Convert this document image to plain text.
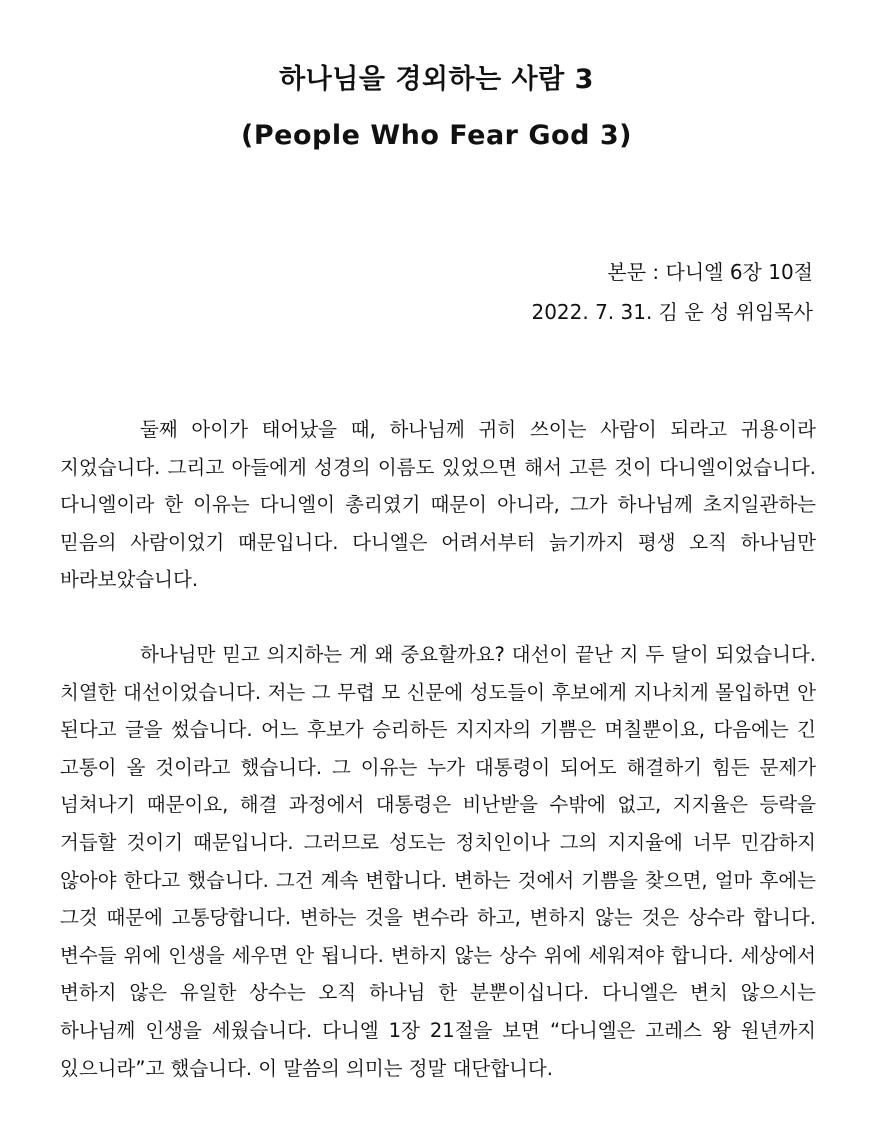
하나님을 경외하는 사람 3
(People Who Fear God 3)
본문 : 다니엘 6장 10절
2022. 7. 31. 김 운 성 위임목사

둘째 아이가 태어났을 때, 하나님께 귀히 쓰이는 사람이 되라고 귀용이라 지었습니다. 그리고 아들에게 성경의 이름도 있었으면 해서 고른 것이 다니엘이었습니다. 다니엘이라 한 이유는 다니엘이 총리였기 때문이 아니라, 그가 하나님께 초지일관하는 믿음의 사람이었기 때문입니다. 다니엘은 어려서부터 늙기까지 평생 오직 하나님만 바라보았습니다.

하나님만 믿고 의지하는 게 왜 중요할까요? 대선이 끝난 지 두 달이 되었습니다. 치열한 대선이었습니다. 저는 그 무렵 모 신문에 성도들이 후보에게 지나치게 몰입하면 안 된다고 글을 썼습니다. 어느 후보가 승리하든 지지자의 기쁨은 며칠뿐이요, 다음에는 긴 고통이 올 것이라고 했습니다. 그 이유는 누가 대통령이 되어도 해결하기 힘든 문제가 넘쳐나기 때문이요, 해결 과정에서 대통령은 비난받을 수밖에 없고, 지지율은 등락을 거듭할 것이기 때문입니다. 그러므로 성도는 정치인이나 그의 지지율에 너무 민감하지 않아야 한다고 했습니다. 그건 계속 변합니다. 변하는 것에서 기쁨을 찾으면, 얼마 후에는 그것 때문에 고통당합니다. 변하는 것을 변수라 하고, 변하지 않는 것은 상수라 합니다. 변수들 위에 인생을 세우면 안 됩니다. 변하지 않는 상수 위에 세워져야 합니다. 세상에서 변하지 않은 유일한 상수는 오직 하나님 한 분뿐이십니다. 다니엘은 변치 않으시는 하나님께 인생을 세웠습니다. 다니엘 1장 21절을 보면 “다니엘은 고레스 왕 원년까지 있으니라”고 했습니다. 이 말씀의 의미는 정말 대단합니다.
